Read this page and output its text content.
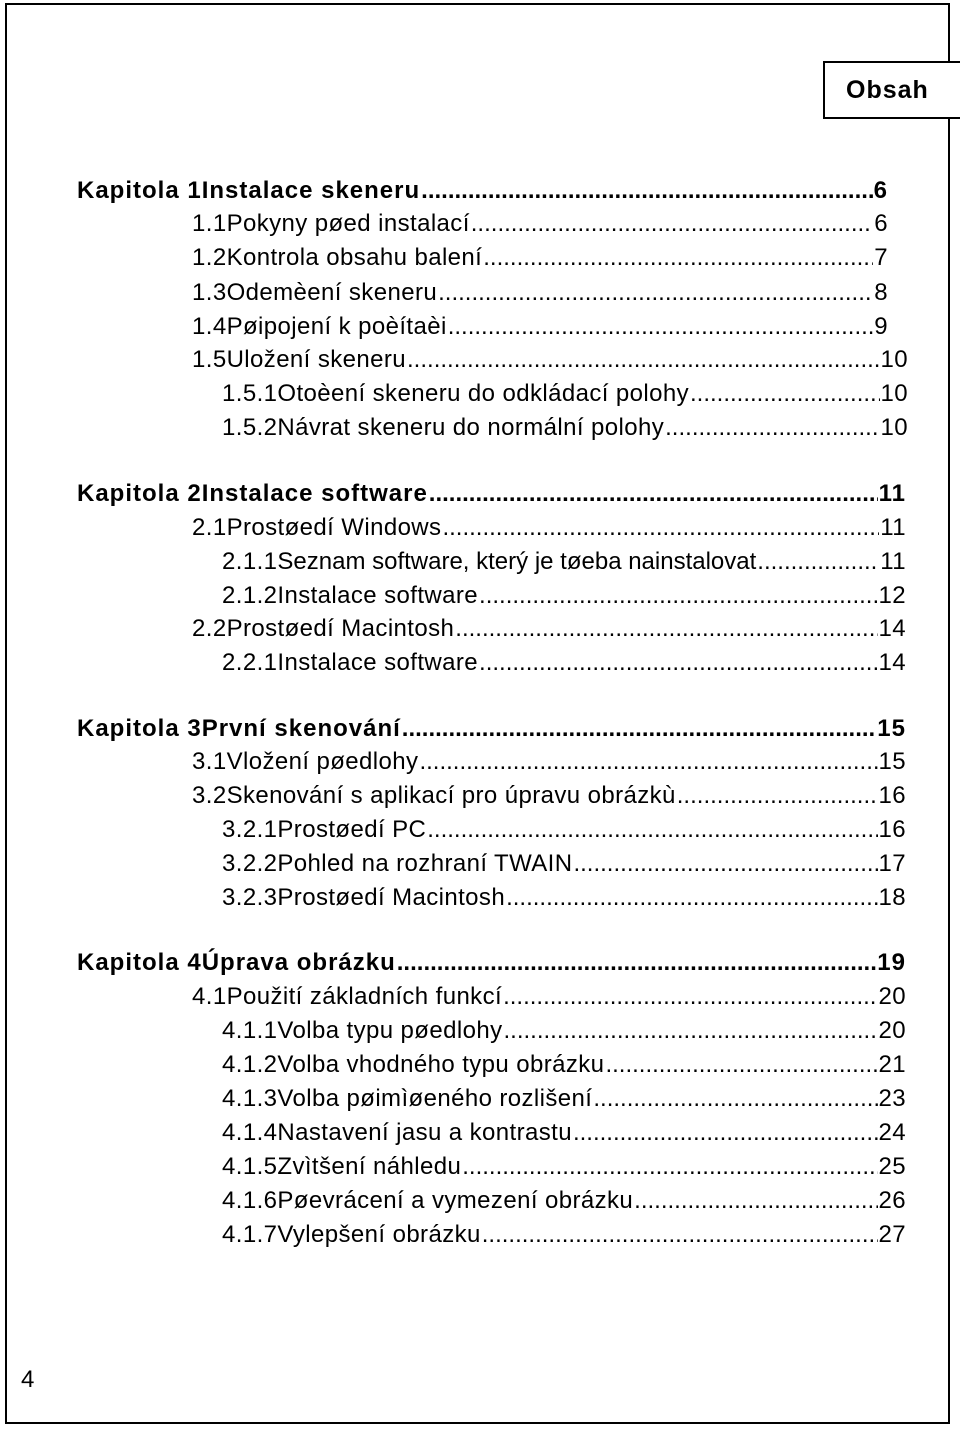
Obsah
Kapitola 1 Instalace skeneru .....	6
1.1 Pokyny pøed instalací .....	6
1.2 Kontrola obsahu balení .....	7
1.3 Odemèení skeneru .....	8
1.4 Pøipojení k poèítaèi .....	9
1.5 Uložení skeneru .....	10
1.5.1 Otoèení skeneru do odkládací polohy .....	10
1.5.2 Návrat skeneru do normální polohy .....	10
Kapitola 2 Instalace software .....	11
2.1 Prostøedí Windows .....	11
2.1.1 Seznam software, který je tøeba nainstalovat .....	11
2.1.2 Instalace software .....	12
2.2 Prostøedí Macintosh .....	14
2.2.1 Instalace software .....	14
Kapitola 3 První skenování .....	15
3.1 Vložení pøedlohy .....	15
3.2 Skenování s aplikací pro úpravu obrázkù .....	16
3.2.1 Prostøedí PC .....	16
3.2.2 Pohled na rozhraní TWAIN .....	17
3.2.3 Prostøedí Macintosh .....	18
Kapitola 4 Úprava obrázku .....	19
4.1 Použití základních funkcí .....	20
4.1.1 Volba typu pøedlohy .....	20
4.1.2 Volba vhodného typu obrázku .....	21
4.1.3 Volba pøimìøeného rozlišení .....	23
4.1.4 Nastavení jasu a kontrastu .....	24
4.1.5 Zvìtšení náhledu .....	25
4.1.6 Pøevrácení a vymezení obrázku .....	26
4.1.7 Vylepšení obrázku .....	27
4
